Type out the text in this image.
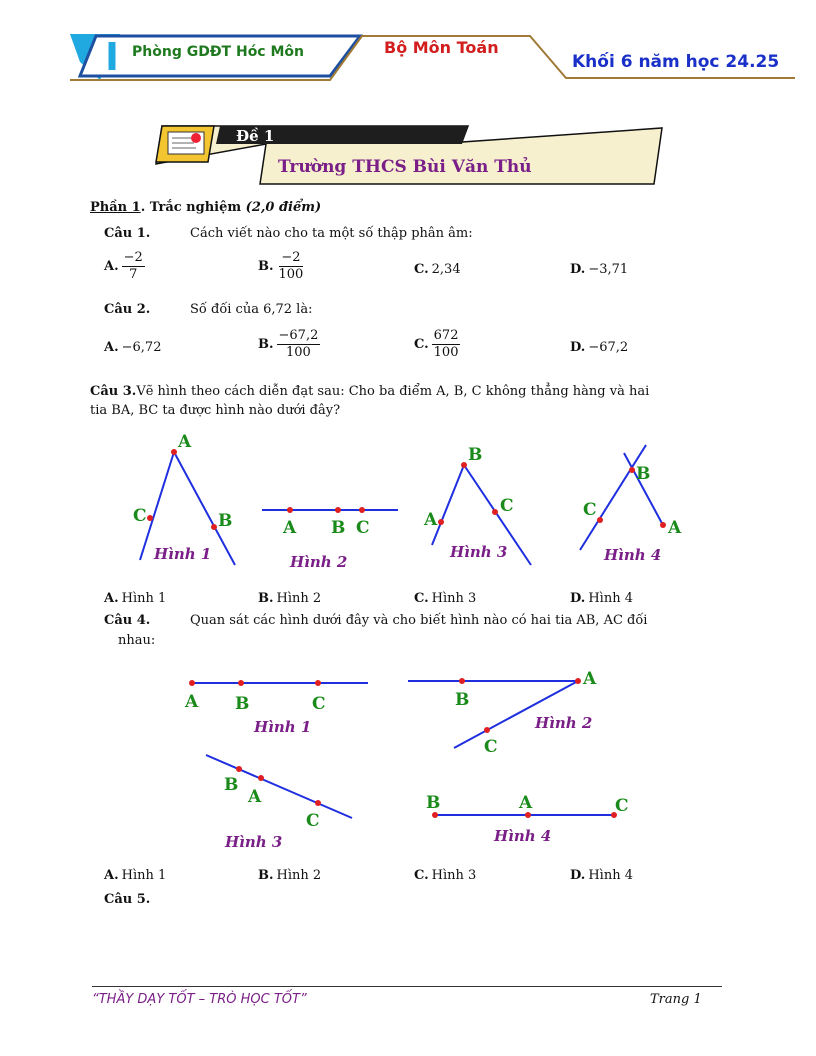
Phòng GDĐT Hóc Môn	Bộ Môn Toán
Khối 6 năm học 24.25
Đề 1
Trường THCS Bùi Văn Thủ
Phần 1. Trắc nghiệm (2,0 điểm)
Câu 1.	Cách viết nào cho ta một số thập phân âm:
A. $\frac{-2}{7}$	B. $\frac{-2}{100}$	C. 2,34	D. −3,71
Câu 2.	Số đối của 6,72 là:
A. −6,72	B. $\frac{-67,2}{100}$	C. $\frac{672}{100}$	D. −67,2
Câu 3.Vẽ hình theo cách diễn đạt sau: Cho ba điểm A, B, C không thẳng hàng và hai
tia BA, BC ta được hình nào dưới đây?
A
C	B
Hình 1
A B C
Hình 2
B
A
C
Hình 3
B
C
A
Hình 4
A. Hình 1	B. Hình 2	C. Hình 3	D. Hình 4
Câu 4.	Quan sát các hình dưới đây và cho biết hình nào có hai tia AB, AC đối
nhau:
A B	C
Hình 1
A
B
C
Hình 2
B
A
C
Hình 3
B	A	C
Hình 4
A. Hình 1	B. Hình 2	C. Hình 3	D. Hình 4
Câu 5.
“THẦY DẠY TỐT – TRÒ HỌC TỐT”	Trang 1
